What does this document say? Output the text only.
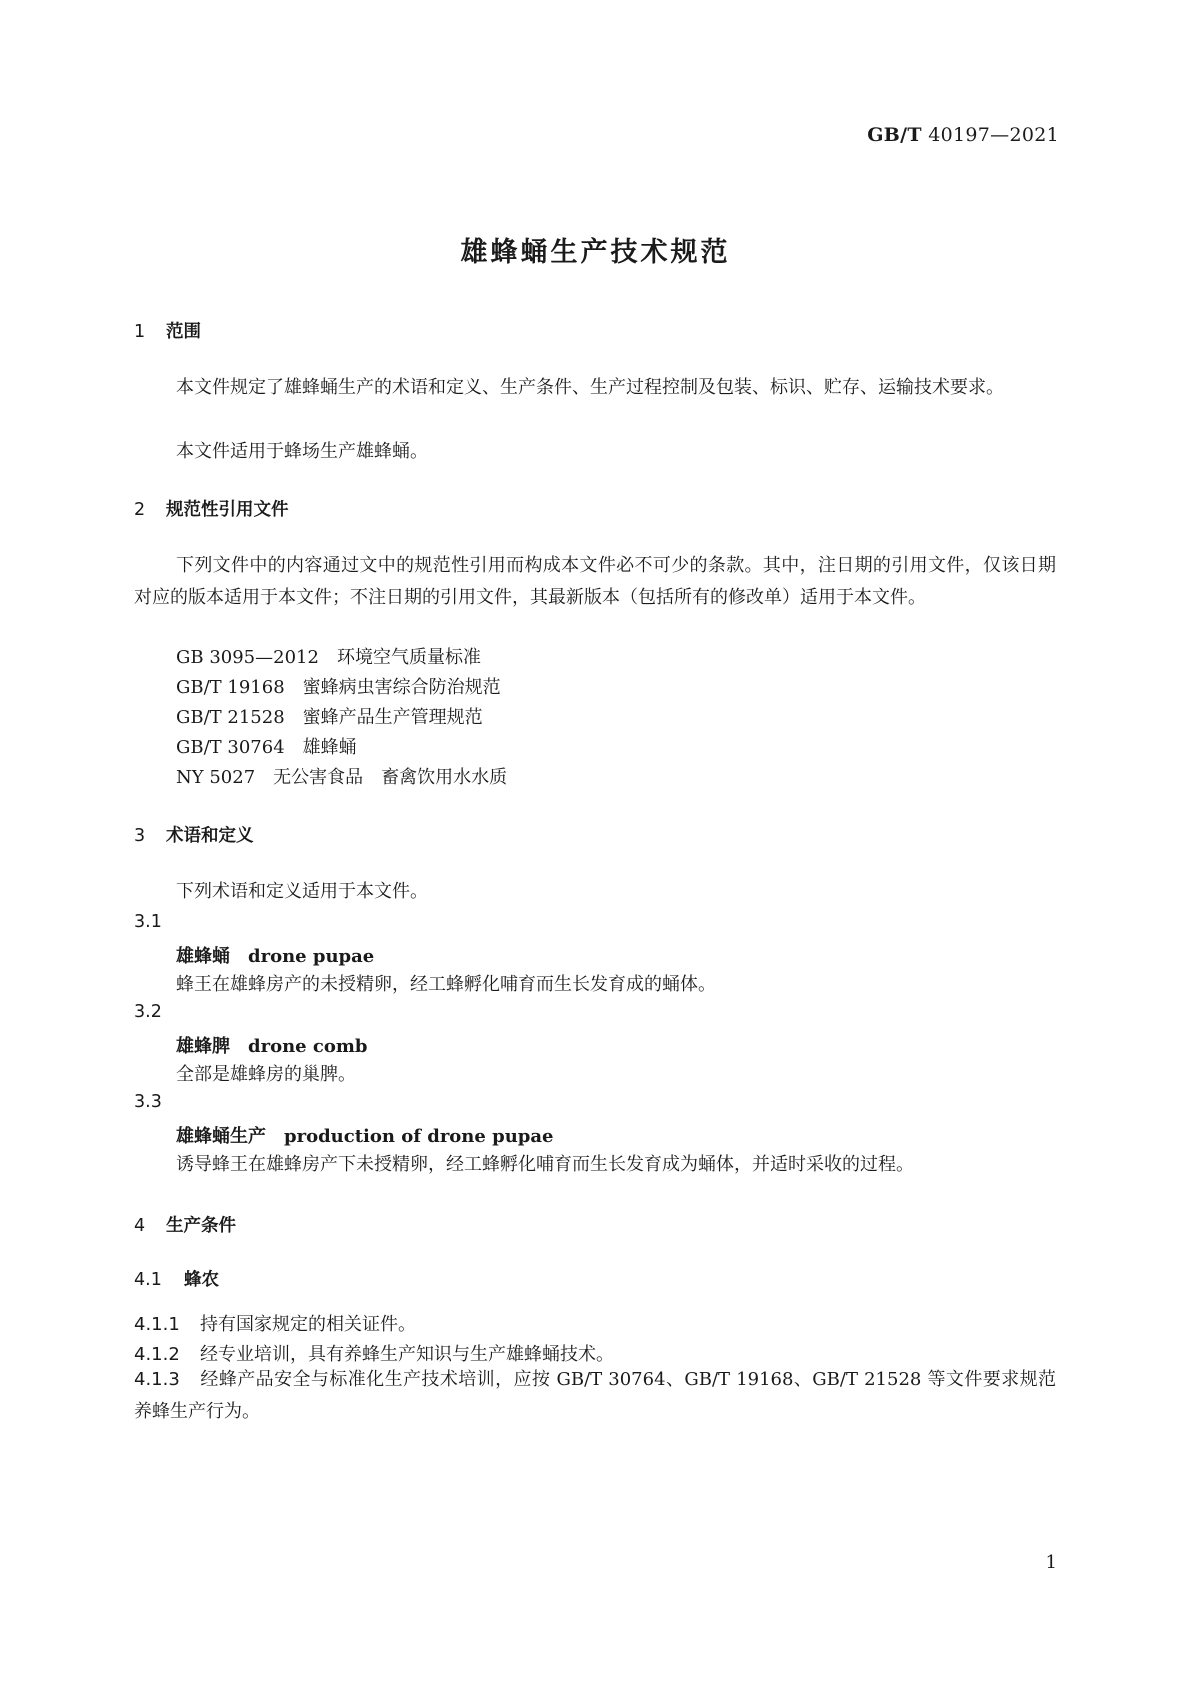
GB/T 40197—2021
雄蜂蛹生产技术规范
1 范围

本文件规定了雄蜂蛹生产的术语和定义、生产条件、生产过程控制及包装、标识、贮存、运输技术要求。

本文件适用于蜂场生产雄蜂蛹。

2 规范性引用文件

下列文件中的内容通过文中的规范性引用而构成本文件必不可少的条款。其中，注日期的引用文件，仅该日期对应的版本适用于本文件；不注日期的引用文件，其最新版本（包括所有的修改单）适用于本文件。

GB 3095—2012　 环境空气质量标准
GB/T 19168　 蜜蜂病虫害综合防治规范
GB/T 21528　 蜜蜂产品生产管理规范
GB/T 30764　 雄蜂蛹
NY 5027　 无公害食品　畜禽饮用水水质
3 术语和定义

下列术语和定义适用于本文件。

3.1
雄蜂蛹　 drone pupae
蜂王在雄蜂房产的未授精卵，经工蜂孵化哺育而生长发育成的蛹体。
3.2
雄蜂脾　 drone comb
全部是雄蜂房的巢脾。
3.3
雄蜂蛹生产　 production of drone pupae
诱导蜂王在雄蜂房产下未授精卵，经工蜂孵化哺育而生长发育成为蛹体，并适时采收的过程。
4 生产条件
4.1 蜂农
4.1.1 持有国家规定的相关证件。
4.1.2 经专业培训，具有养蜂生产知识与生产雄蜂蛹技术。

4.1.3 经蜂产品安全与标准化生产技术培训，应按 GB/T 30764、GB/T 19168、GB/T 21528 等文件要求规范养蜂生产行为。

1
